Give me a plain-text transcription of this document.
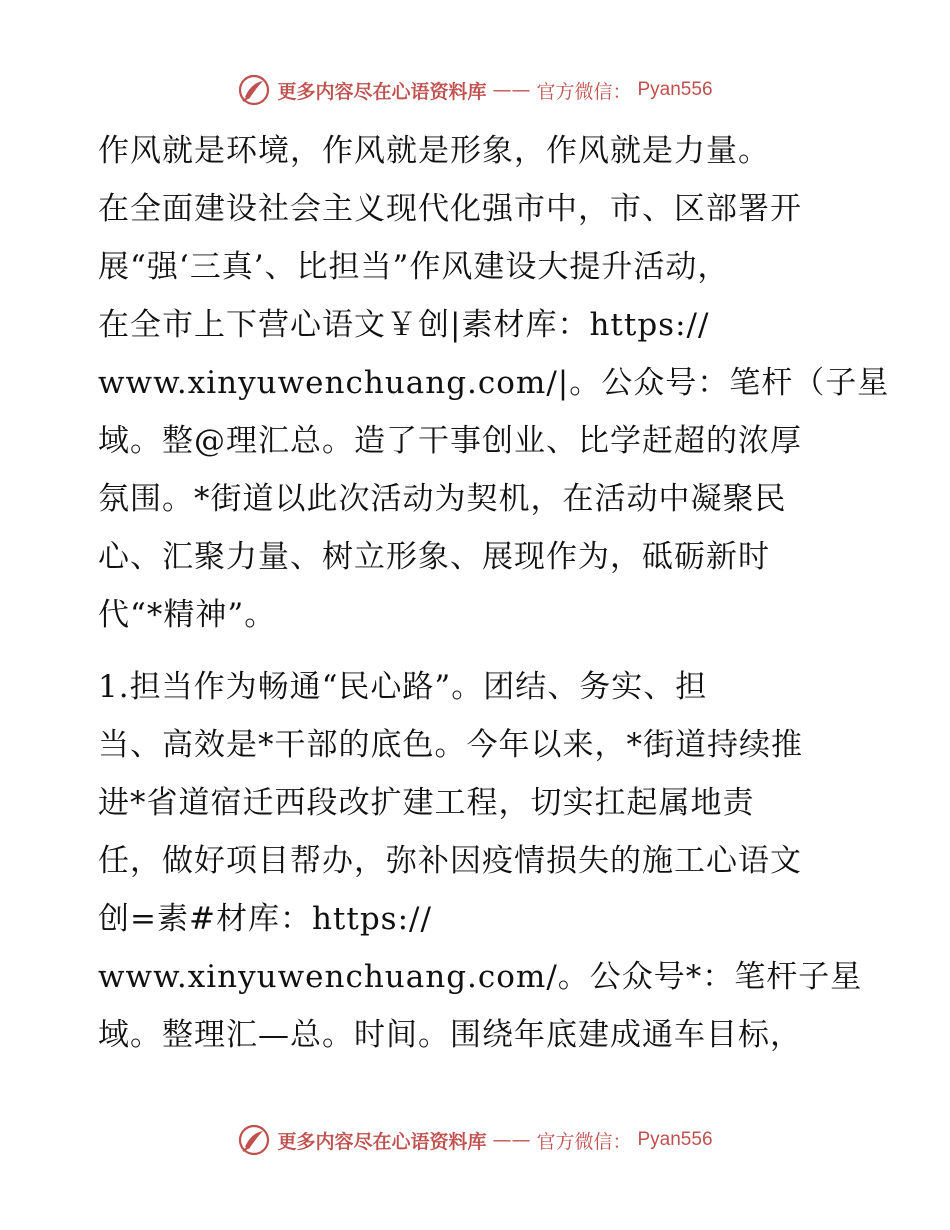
更多内容尽在心语资料库 —— 官方微信： Pyan556
作风就是环境，作风就是形象，作风就是力量。
在全面建设社会主义现代化强市中，市、区部署开
展“强‘三真’、比担当”作风建设大提升活动，
在全市上下营心语文￥创|素材库：https://
www.xinyuwenchuang.com/|。公众号：笔杆（子星
域。整@理汇总。造了干事创业、比学赶超的浓厚
氛围。*街道以此次活动为契机，在活动中凝聚民
心、汇聚力量、树立形象、展现作为，砥砺新时
代“*精神”。
1.担当作为畅通“民心路”。团结、务实、担
当、高效是*干部的底色。今年以来，*街道持续推
进*省道宿迁西段改扩建工程，切实扛起属地责
任，做好项目帮办，弥补因疫情损失的施工心语文
创=素#材库：https://
www.xinyuwenchuang.com/。公众号*：笔杆子星
域。整理汇—总。时间。围绕年底建成通车目标，
更多内容尽在心语资料库 —— 官方微信： Pyan556
